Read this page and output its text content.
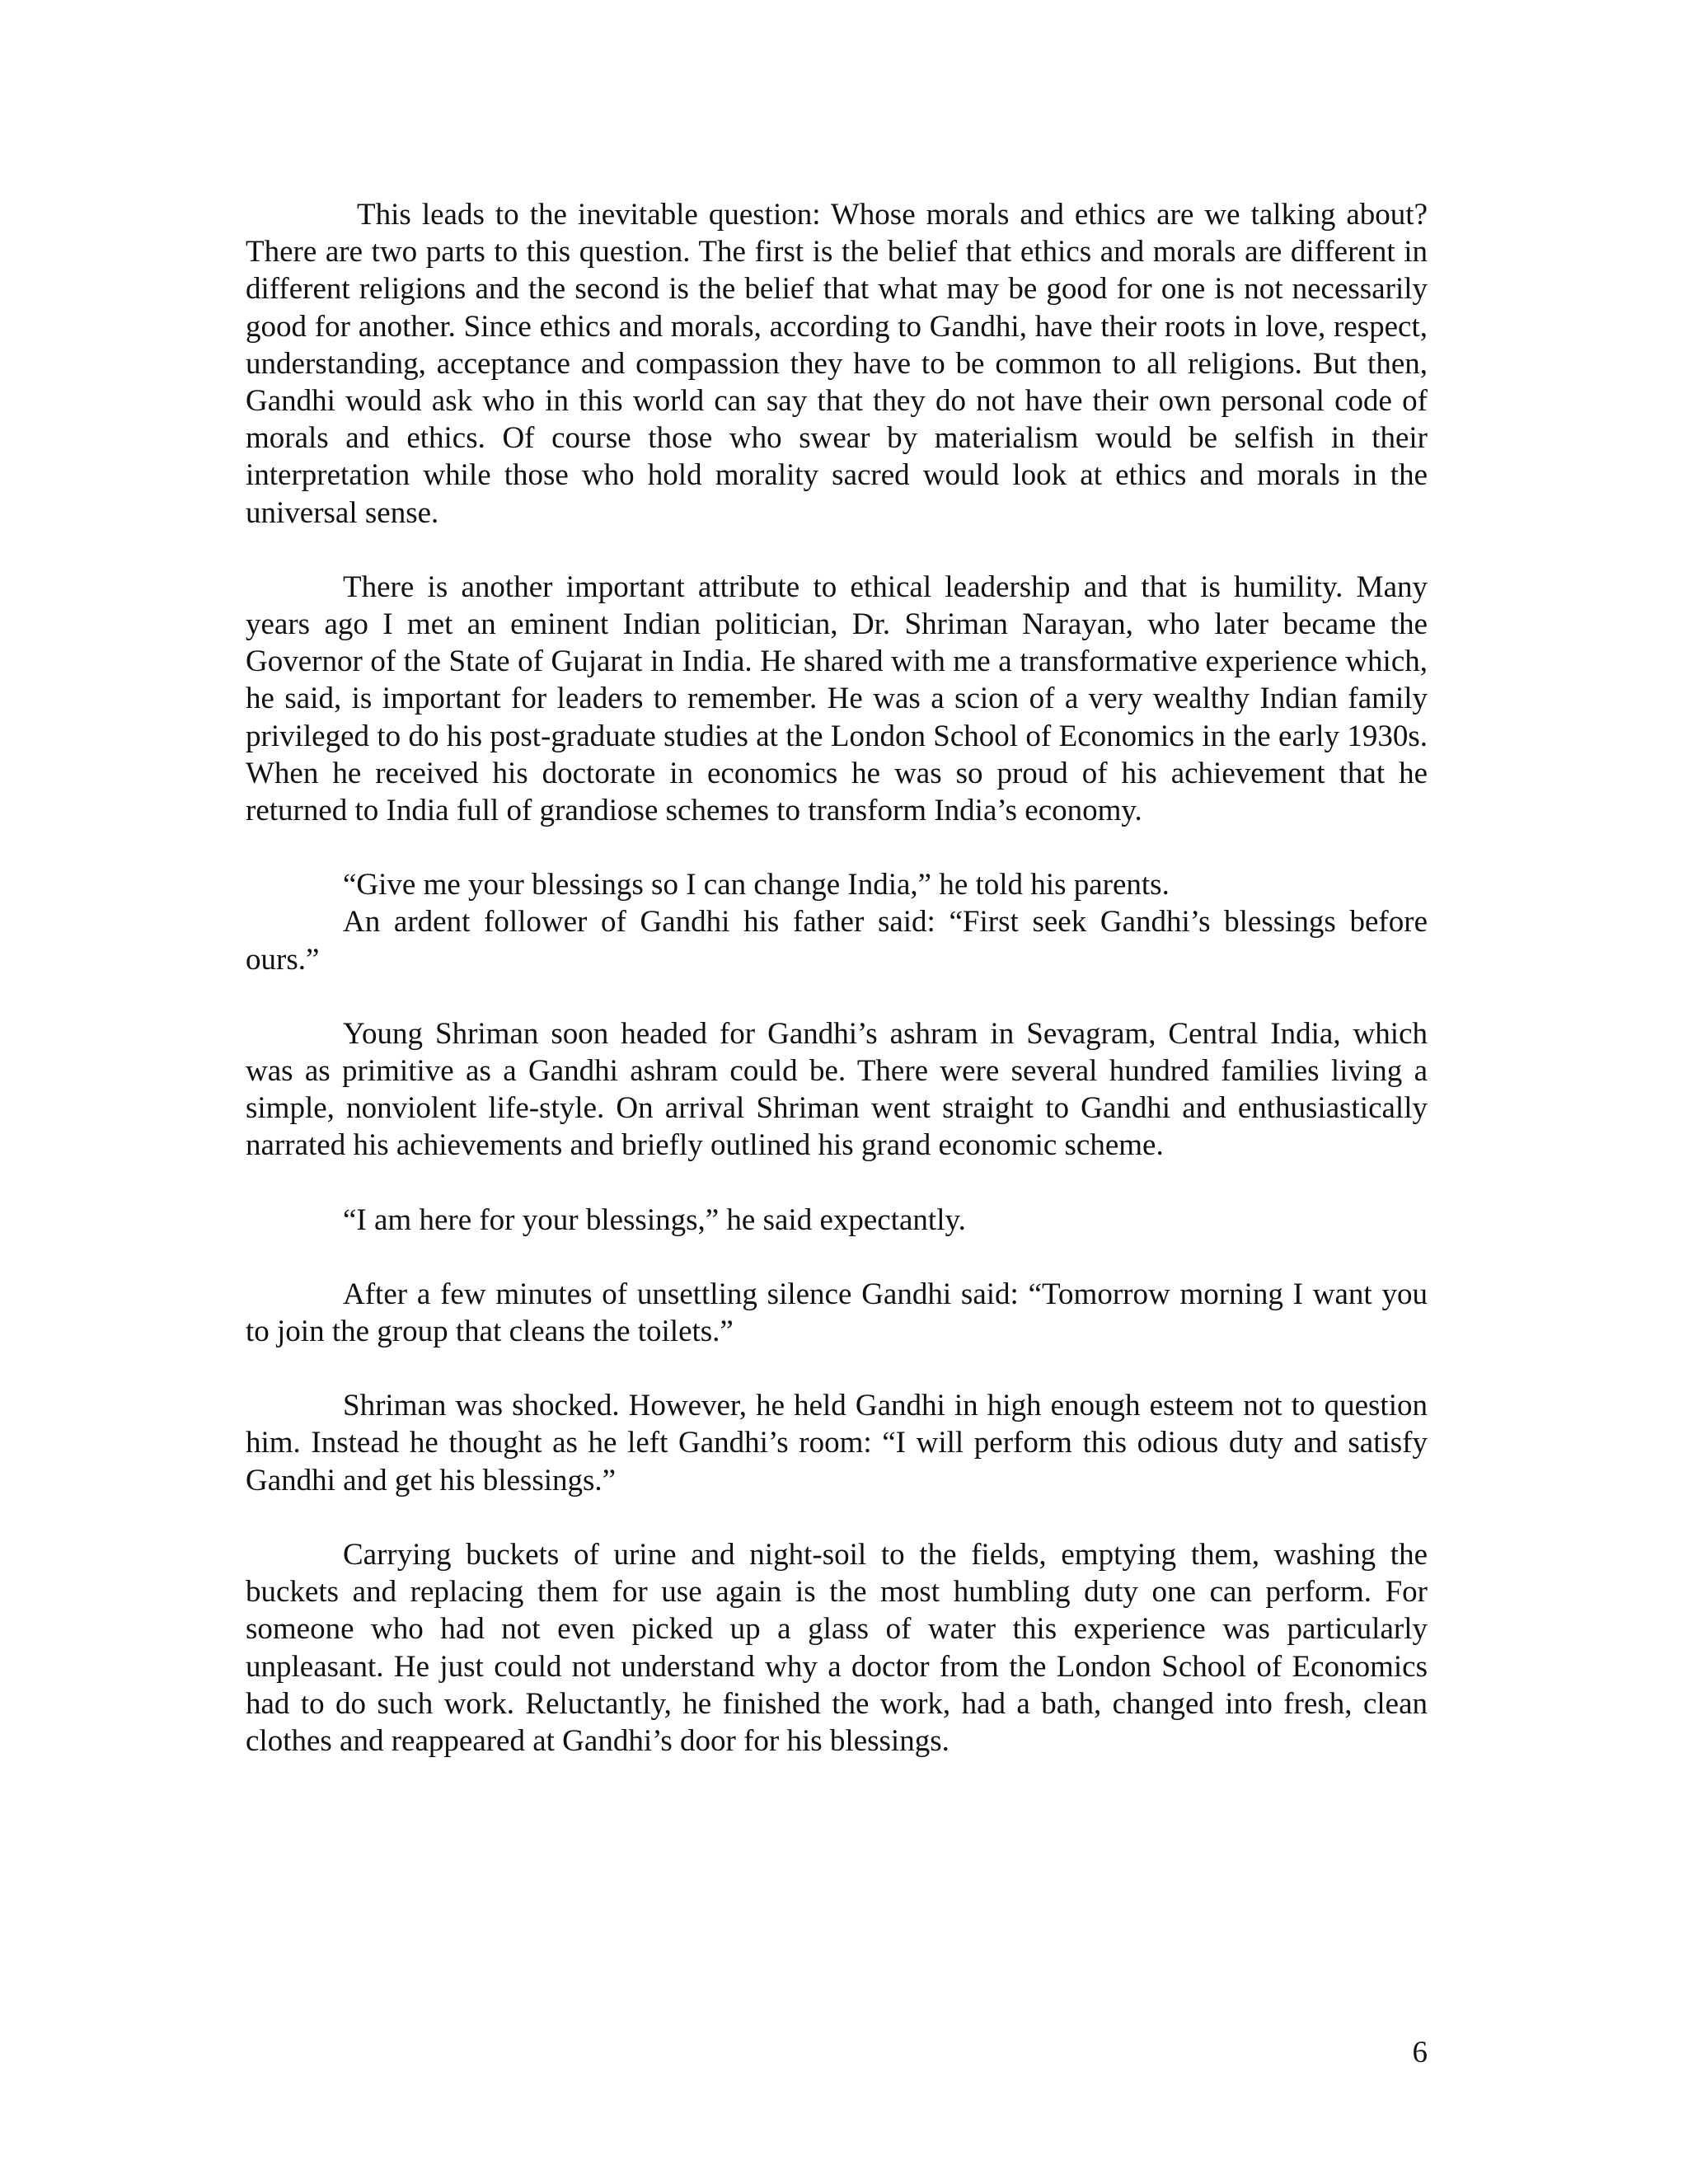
This leads to the inevitable question: Whose morals and ethics are we talking about? There are two parts to this question. The first is the belief that ethics and morals are different in different religions and the second is the belief that what may be good for one is not necessarily good for another. Since ethics and morals, according to Gandhi, have their roots in love, respect, understanding, acceptance and compassion they have to be common to all religions. But then, Gandhi would ask who in this world can say that they do not have their own personal code of morals and ethics. Of course those who swear by materialism would be selfish in their interpretation while those who hold morality sacred would look at ethics and morals in the universal sense.

There is another important attribute to ethical leadership and that is humility. Many years ago I met an eminent Indian politician, Dr. Shriman Narayan, who later became the Governor of the State of Gujarat in India. He shared with me a transformative experience which, he said, is important for leaders to remember. He was a scion of a very wealthy Indian family privileged to do his post-graduate studies at the London School of Economics in the early 1930s. When he received his doctorate in economics he was so proud of his achievement that he returned to India full of grandiose schemes to transform India’s economy.

“Give me your blessings so I can change India,” he told his parents.

An ardent follower of Gandhi his father said: “First seek Gandhi’s blessings before ours.”

Young Shriman soon headed for Gandhi’s ashram in Sevagram, Central India, which was as primitive as a Gandhi ashram could be. There were several hundred families living a simple, nonviolent life-style. On arrival Shriman went straight to Gandhi and enthusiastically narrated his achievements and briefly outlined his grand economic scheme.

“I am here for your blessings,” he said expectantly.

After a few minutes of unsettling silence Gandhi said: “Tomorrow morning I want you to join the group that cleans the toilets.”

Shriman was shocked. However, he held Gandhi in high enough esteem not to question him. Instead he thought as he left Gandhi’s room: “I will perform this odious duty and satisfy Gandhi and get his blessings.”

Carrying buckets of urine and night-soil to the fields, emptying them, washing the buckets and replacing them for use again is the most humbling duty one can perform. For someone who had not even picked up a glass of water this experience was particularly unpleasant. He just could not understand why a doctor from the London School of Economics had to do such work. Reluctantly, he finished the work, had a bath, changed into fresh, clean clothes and reappeared at Gandhi’s door for his blessings.

6
